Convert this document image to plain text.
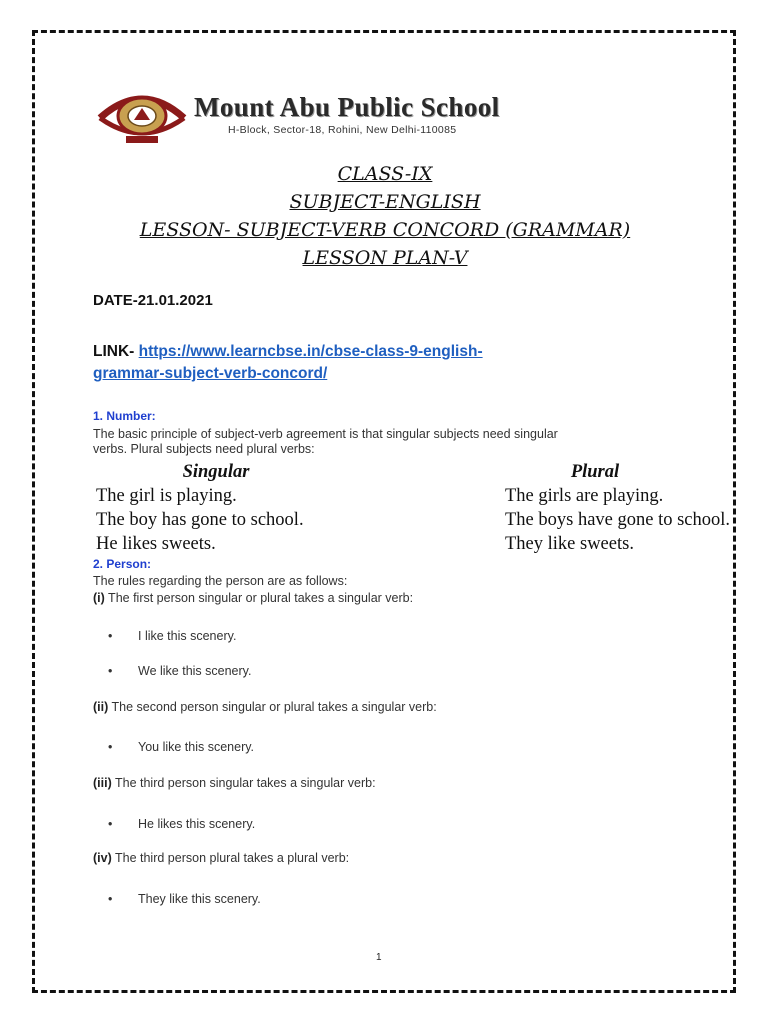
Mount Abu Public School

H-Block, Sector-18, Rohini, New Delhi-110085

CLASS-IX
SUBJECT-ENGLISH
LESSON- SUBJECT-VERB CONCORD (GRAMMAR)
LESSON PLAN-V

DATE-21.01.2021

LINK- https://www.learncbse.in/cbse-class-9-english-
grammar-subject-verb-concord/

1. Number:

The basic principle of subject-verb agreement is that singular subjects need singular
verbs. Plural subjects need plural verbs:

Singular
The girl is playing.
The boy has gone to school.
He likes sweets.
Plural
The girls are playing.
The boys have gone to school.
They like sweets.

2. Person:

The rules regarding the person are as follows:

(i) The first person singular or plural takes a singular verb:

• I like this scenery.

• We like this scenery.

(ii) The second person singular or plural takes a singular verb:

• You like this scenery.

(iii) The third person singular takes a singular verb:

• He likes this scenery.

(iv) The third person plural takes a plural verb:

• They like this scenery.

1
